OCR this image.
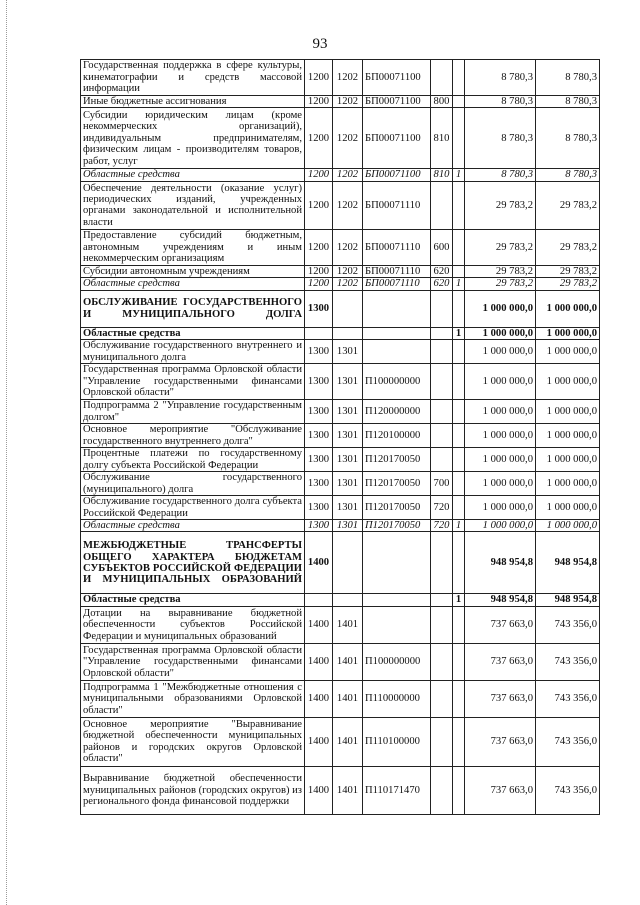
93
Государственная поддержка в сфере культуры, кинематографии и средств массовой информации	1200	1202	БП00071100			8 780,3	8 780,3
Иные бюджетные ассигнования	1200	1202	БП00071100	800		8 780,3	8 780,3
Субсидии юридическим лицам (кроме некоммерческих организаций), индивидуальным предпринимателям, физическим лицам - производителям товаров, работ, услуг	1200	1202	БП00071100	810		8 780,3	8 780,3
Областные средства	1200	1202	БП00071100	810	1	8 780,3	8 780,3
Обеспечение деятельности (оказание услуг) периодических изданий, учрежденных органами законодательной и исполнительной власти	1200	1202	БП00071110			29 783,2	29 783,2
Предоставление субсидий бюджетным, автономным учреждениям и иным некоммерческим организациям	1200	1202	БП00071110	600		29 783,2	29 783,2
Субсидии автономным учреждениям	1200	1202	БП00071110	620		29 783,2	29 783,2
Областные средства	1200	1202	БП00071110	620	1	29 783,2	29 783,2
ОБСЛУЖИВАНИЕ ГОСУДАРСТВЕННОГО И МУНИЦИПАЛЬНОГО ДОЛГА	1300					1 000 000,0	1 000 000,0
Областные средства					1	1 000 000,0	1 000 000,0
Обслуживание государственного внутреннего и муниципального долга	1300	1301				1 000 000,0	1 000 000,0
Государственная программа Орловской области "Управление государственными финансами Орловской области"	1300	1301	П100000000			1 000 000,0	1 000 000,0
Подпрограмма 2 "Управление государственным долгом"	1300	1301	П120000000			1 000 000,0	1 000 000,0
Основное мероприятие "Обслуживание государственного внутреннего долга"	1300	1301	П120100000			1 000 000,0	1 000 000,0
Процентные платежи по государственному долгу субъекта Российской Федерации	1300	1301	П120170050			1 000 000,0	1 000 000,0
Обслуживание государственного (муниципального) долга	1300	1301	П120170050	700		1 000 000,0	1 000 000,0
Обслуживание государственного долга субъекта Российской Федерации	1300	1301	П120170050	720		1 000 000,0	1 000 000,0
Областные средства	1300	1301	П120170050	720	1	1 000 000,0	1 000 000,0
МЕЖБЮДЖЕТНЫЕ ТРАНСФЕРТЫ ОБЩЕГО ХАРАКТЕРА БЮДЖЕТАМ СУБЪЕКТОВ РОССИЙСКОЙ ФЕДЕРАЦИИ И МУНИЦИПАЛЬНЫХ ОБРАЗОВАНИЙ	1400					948 954,8	948 954,8
Областные средства					1	948 954,8	948 954,8
Дотации на выравнивание бюджетной обеспеченности субъектов Российской Федерации и муниципальных образований	1400	1401				737 663,0	743 356,0
Государственная программа Орловской области "Управление государственными финансами Орловской области"	1400	1401	П100000000			737 663,0	743 356,0
Подпрограмма 1 "Межбюджетные отношения с муниципальными образованиями Орловской области"	1400	1401	П110000000			737 663,0	743 356,0
Основное мероприятие "Выравнивание бюджетной обеспеченности муниципальных районов и городских округов Орловской области"	1400	1401	П110100000			737 663,0	743 356,0
Выравнивание бюджетной обеспеченности муниципальных районов (городских округов) из регионального фонда финансовой поддержки	1400	1401	П110171470			737 663,0	743 356,0
